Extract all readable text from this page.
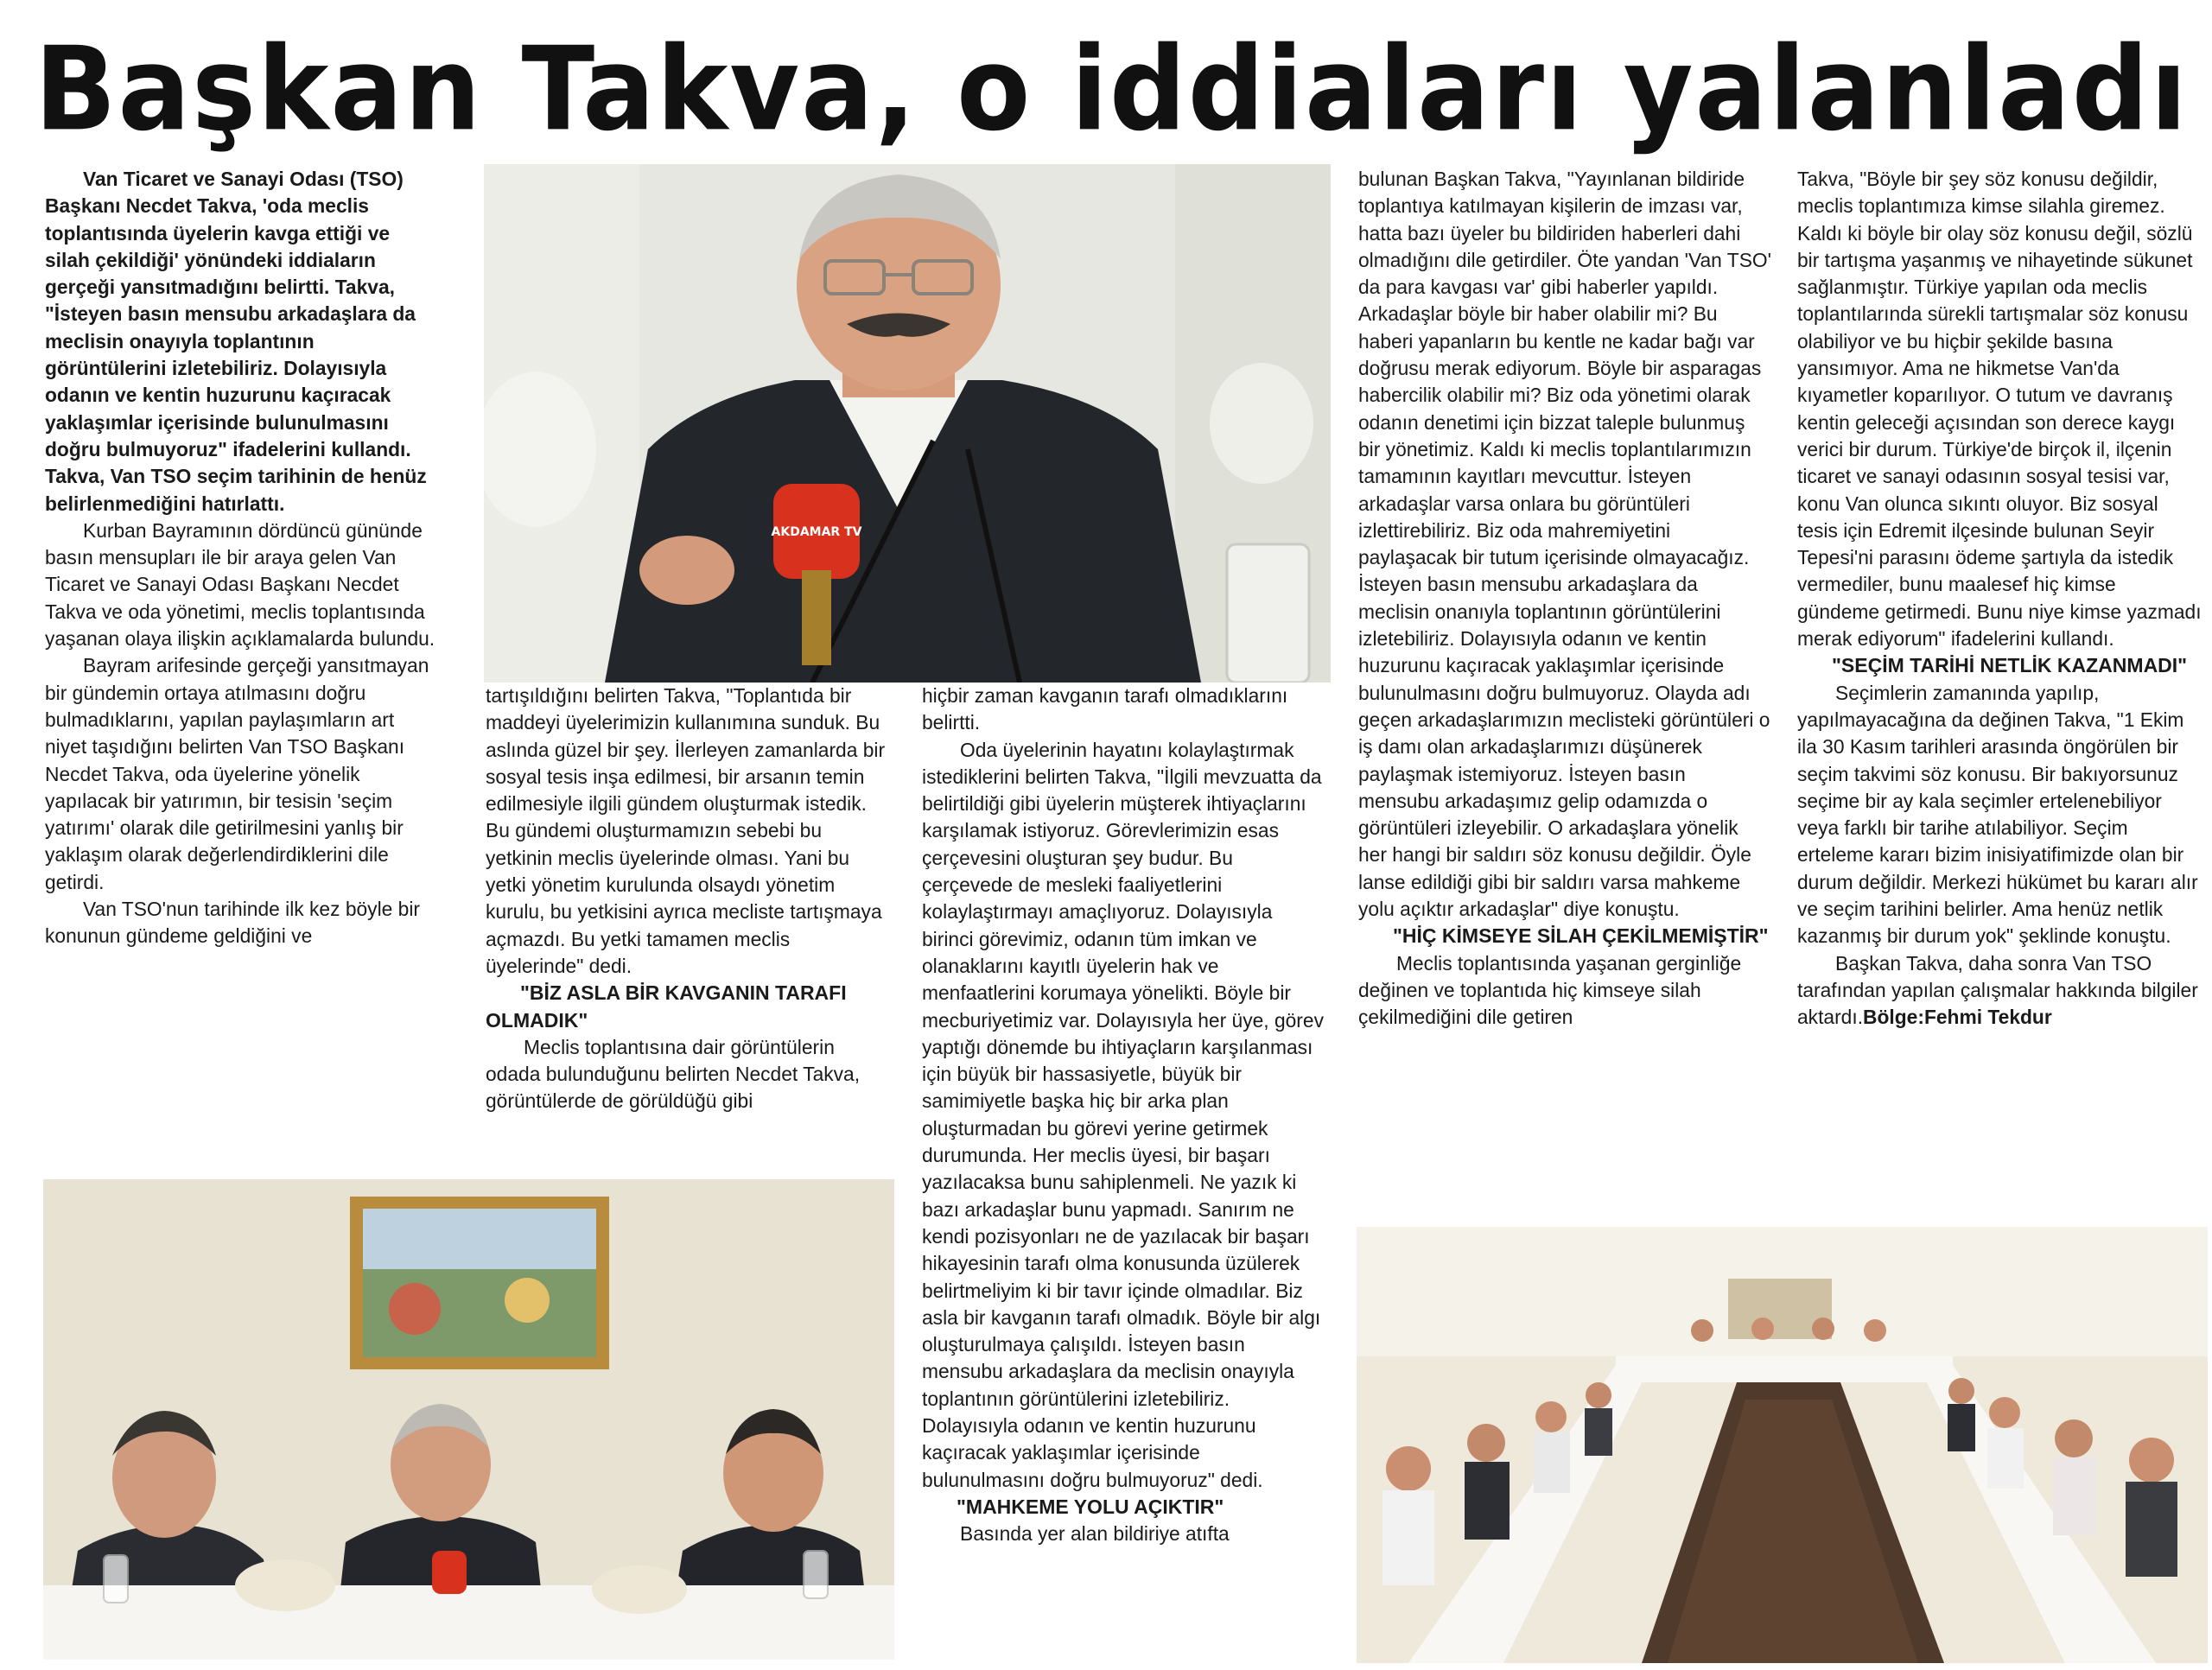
Başkan Takva, o iddiaları yalanladı

Van Ticaret ve Sanayi Odası (TSO) Başkanı Necdet Takva, 'oda meclis toplantısında üyelerin kavga ettiği ve silah çekildiği' yönündeki iddiaların gerçeği yansıtmadığını belirtti. Takva, "İsteyen basın mensubu arkadaşlara da meclisin onayıyla toplantının görüntülerini izletebiliriz. Dolayısıyla odanın ve kentin huzurunu kaçıracak yaklaşımlar içerisinde bulunulmasını doğru bulmuyoruz" ifadelerini kullandı. Takva, Van TSO seçim tarihinin de henüz belirlenmediğini hatırlattı.

Kurban Bayramının dördüncü gününde basın mensupları ile bir araya gelen Van Ticaret ve Sanayi Odası Başkanı Necdet Takva ve oda yönetimi, meclis toplantısında yaşanan olaya ilişkin açıklamalarda bulundu.

Bayram arifesinde gerçeği yansıtmayan bir gündemin ortaya atılmasını doğru bulmadıklarını, yapılan paylaşımların art niyet taşıdığını belirten Van TSO Başkanı Necdet Takva, oda üyelerine yönelik yapılacak bir yatırımın, bir tesisin 'seçim yatırımı' olarak dile getirilmesini yanlış bir yaklaşım olarak değerlendirdiklerini dile getirdi.

Van TSO'nun tarihinde ilk kez böyle bir konunun gündeme geldiğini ve

AKDAMAR TV

tartışıldığını belirten Takva, "Toplantıda bir maddeyi üyelerimizin kullanımına sunduk. Bu aslında güzel bir şey. İlerleyen zamanlarda bir sosyal tesis inşa edilmesi, bir arsanın temin edilmesiyle ilgili gündem oluşturmak istedik. Bu gündemi oluşturmamızın sebebi bu yetkinin meclis üyelerinde olması. Yani bu yetki yönetim kurulunda olsaydı yönetim kurulu, bu yetkisini ayrıca mecliste tartışmaya açmazdı. Bu yetki tamamen meclis üyelerinde" dedi.

"BİZ ASLA BİR KAVGANIN TARAFI OLMADIK"

Meclis toplantısına dair görüntülerin odada bulunduğunu belirten Necdet Takva, görüntülerde de görüldüğü gibi

hiçbir zaman kavganın tarafı olmadıklarını belirtti.

Oda üyelerinin hayatını kolaylaştırmak istediklerini belirten Takva, "İlgili mevzuatta da belirtildiği gibi üyelerin müşterek ihtiyaçlarını karşılamak istiyoruz. Görevlerimizin esas çerçevesini oluşturan şey budur. Bu çerçevede de mesleki faaliyetlerini kolaylaştırmayı amaçlıyoruz. Dolayısıyla birinci görevimiz, odanın tüm imkan ve olanaklarını kayıtlı üyelerin hak ve menfaatlerini korumaya yönelikti. Böyle bir mecburiyetimiz var. Dolayısıyla her üye, görev yaptığı dönemde bu ihtiyaçların karşılanması için büyük bir hassasiyetle, büyük bir samimiyetle başka hiç bir arka plan oluşturmadan bu görevi yerine getirmek durumunda. Her meclis üyesi, bir başarı yazılacaksa bunu sahiplenmeli. Ne yazık ki bazı arkadaşlar bunu yapmadı. Sanırım ne kendi pozisyonları ne de yazılacak bir başarı hikayesinin tarafı olma konusunda üzülerek belirtmeliyim ki bir tavır içinde olmadılar. Biz asla bir kavganın tarafı olmadık. Böyle bir algı oluşturulmaya çalışıldı. İsteyen basın mensubu arkadaşlara da meclisin onayıyla toplantının görüntülerini izletebiliriz. Dolayısıyla odanın ve kentin huzurunu kaçıracak yaklaşımlar içerisinde bulunulmasını doğru bulmuyoruz" dedi.

"MAHKEME YOLU AÇIKTIR"

Basında yer alan bildiriye atıfta

bulunan Başkan Takva, "Yayınlanan bildiride toplantıya katılmayan kişilerin de imzası var, hatta bazı üyeler bu bildiriden haberleri dahi olmadığını dile getirdiler. Öte yandan 'Van TSO' da para kavgası var' gibi haberler yapıldı. Arkadaşlar böyle bir haber olabilir mi? Bu haberi yapanların bu kentle ne kadar bağı var doğrusu merak ediyorum. Böyle bir asparagas habercilik olabilir mi? Biz oda yönetimi olarak odanın denetimi için bizzat taleple bulunmuş bir yönetimiz. Kaldı ki meclis toplantılarımızın tamamının kayıtları mevcuttur. İsteyen arkadaşlar varsa onlara bu görüntüleri izlettirebiliriz. Biz oda mahremiyetini paylaşacak bir tutum içerisinde olmayacağız. İsteyen basın mensubu arkadaşlara da meclisin onanıyla toplantının görüntülerini izletebiliriz. Dolayısıyla odanın ve kentin huzurunu kaçıracak yaklaşımlar içerisinde bulunulmasını doğru bulmuyoruz. Olayda adı geçen arkadaşlarımızın meclisteki görüntüleri o iş damı olan arkadaşlarımızı düşünerek paylaşmak istemiyoruz. İsteyen basın mensubu arkadaşımız gelip odamızda o görüntüleri izleyebilir. O arkadaşlara yönelik her hangi bir saldırı söz konusu değildir. Öyle lanse edildiği gibi bir saldırı varsa mahkeme yolu açıktır arkadaşlar" diye konuştu.

"HİÇ KİMSEYE SİLAH ÇEKİLMEMİŞTİR"

Meclis toplantısında yaşanan gerginliğe değinen ve toplantıda hiç kimseye silah çekilmediğini dile getiren

Takva, "Böyle bir şey söz konusu değildir, meclis toplantımıza kimse silahla giremez. Kaldı ki böyle bir olay söz konusu değil, sözlü bir tartışma yaşanmış ve nihayetinde sükunet sağlanmıştır. Türkiye yapılan oda meclis toplantılarında sürekli tartışmalar söz konusu olabiliyor ve bu hiçbir şekilde basına yansımıyor. Ama ne hikmetse Van'da kıyametler koparılıyor. O tutum ve davranış kentin geleceği açısından son derece kaygı verici bir durum. Türkiye'de birçok il, ilçenin ticaret ve sanayi odasının sosyal tesisi var, konu Van olunca sıkıntı oluyor. Biz sosyal tesis için Edremit ilçesinde bulunan Seyir Tepesi'ni parasını ödeme şartıyla da istedik vermediler, bunu maalesef hiç kimse gündeme getirmedi. Bunu niye kimse yazmadı merak ediyorum" ifadelerini kullandı.

"SEÇİM TARİHİ NETLİK KAZANMADI"

Seçimlerin zamanında yapılıp, yapılmayacağına da değinen Takva, "1 Ekim ila 30 Kasım tarihleri arasında öngörülen bir seçim takvimi söz konusu. Bir bakıyorsunuz seçime bir ay kala seçimler ertelenebiliyor veya farklı bir tarihe atılabiliyor. Seçim erteleme kararı bizim inisiyatifimizde olan bir durum değildir. Merkezi hükümet bu kararı alır ve seçim tarihini belirler. Ama henüz netlik kazanmış bir durum yok" şeklinde konuştu.

Başkan Takva, daha sonra Van TSO tarafından yapılan çalışmalar hakkında bilgiler aktardı.Bölge:Fehmi Tekdur
